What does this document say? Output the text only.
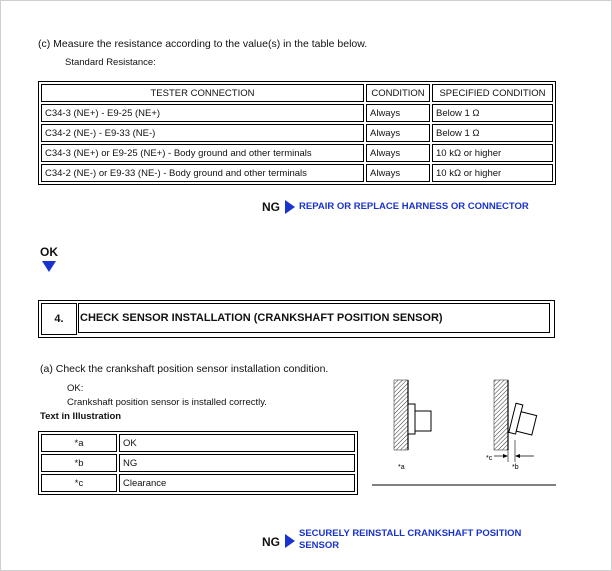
(c) Measure the resistance according to the value(s) in the table below.
Standard Resistance:
TESTER CONNECTION	CONDITION	SPECIFIED CONDITION
C34-3 (NE+) - E9-25 (NE+)	Always	Below 1 Ω
C34-2 (NE-) - E9-33 (NE-)	Always	Below 1 Ω
C34-3 (NE+) or E9-25 (NE+) - Body ground and other terminals	Always	10 kΩ or higher
C34-2 (NE-) or E9-33 (NE-) - Body ground and other terminals	Always	10 kΩ or higher
NG REPAIR OR REPLACE HARNESS OR CONNECTOR
OK
4.	CHECK SENSOR INSTALLATION (CRANKSHAFT POSITION SENSOR)
(a) Check the crankshaft position sensor installation condition.
OK:
Crankshaft position sensor is installed correctly.
Text in Illustration
*a	OK
*b	NG
*c	Clearance
*a
*c
*b
NG
SECURELY REINSTALL CRANKSHAFT POSITION
SENSOR
